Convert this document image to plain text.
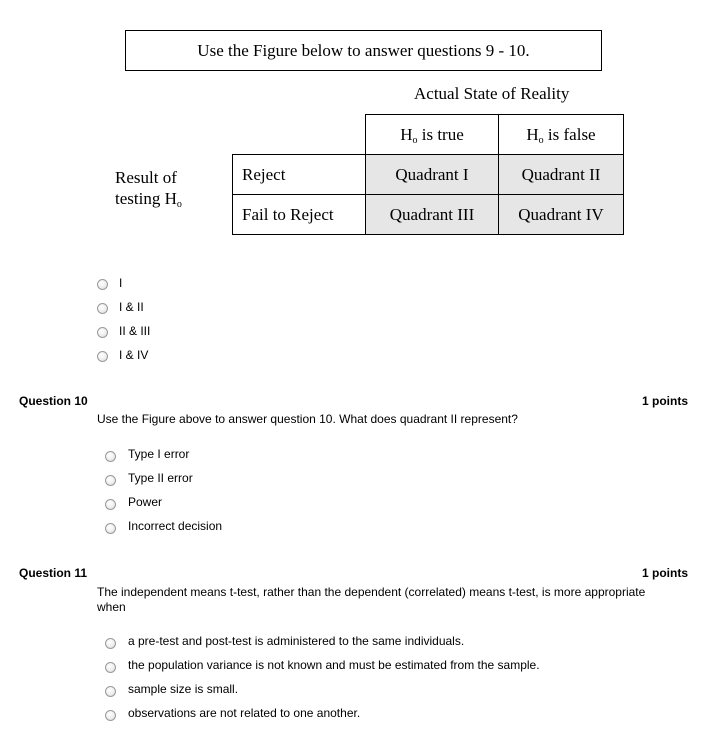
Use the Figure below to answer questions 9 - 10.
Actual State of Reality
Result of
testing $H_o$
	$H_o$ is true	$H_o$ is false
Reject	Quadrant I	Quadrant II
Fail to Reject	Quadrant III	Quadrant IV
I
I & II
II & III
I & IV
Question 10	1 points
Use the Figure above to answer question 10. What does quadrant II represent?
Type I error
Type II error
Power
Incorrect decision
Question 11	1 points
The independent means t-test, rather than the dependent (correlated) means t-test, is more appropriate when
a pre-test and post-test is administered to the same individuals.
the population variance is not known and must be estimated from the sample.
sample size is small.
observations are not related to one another.
